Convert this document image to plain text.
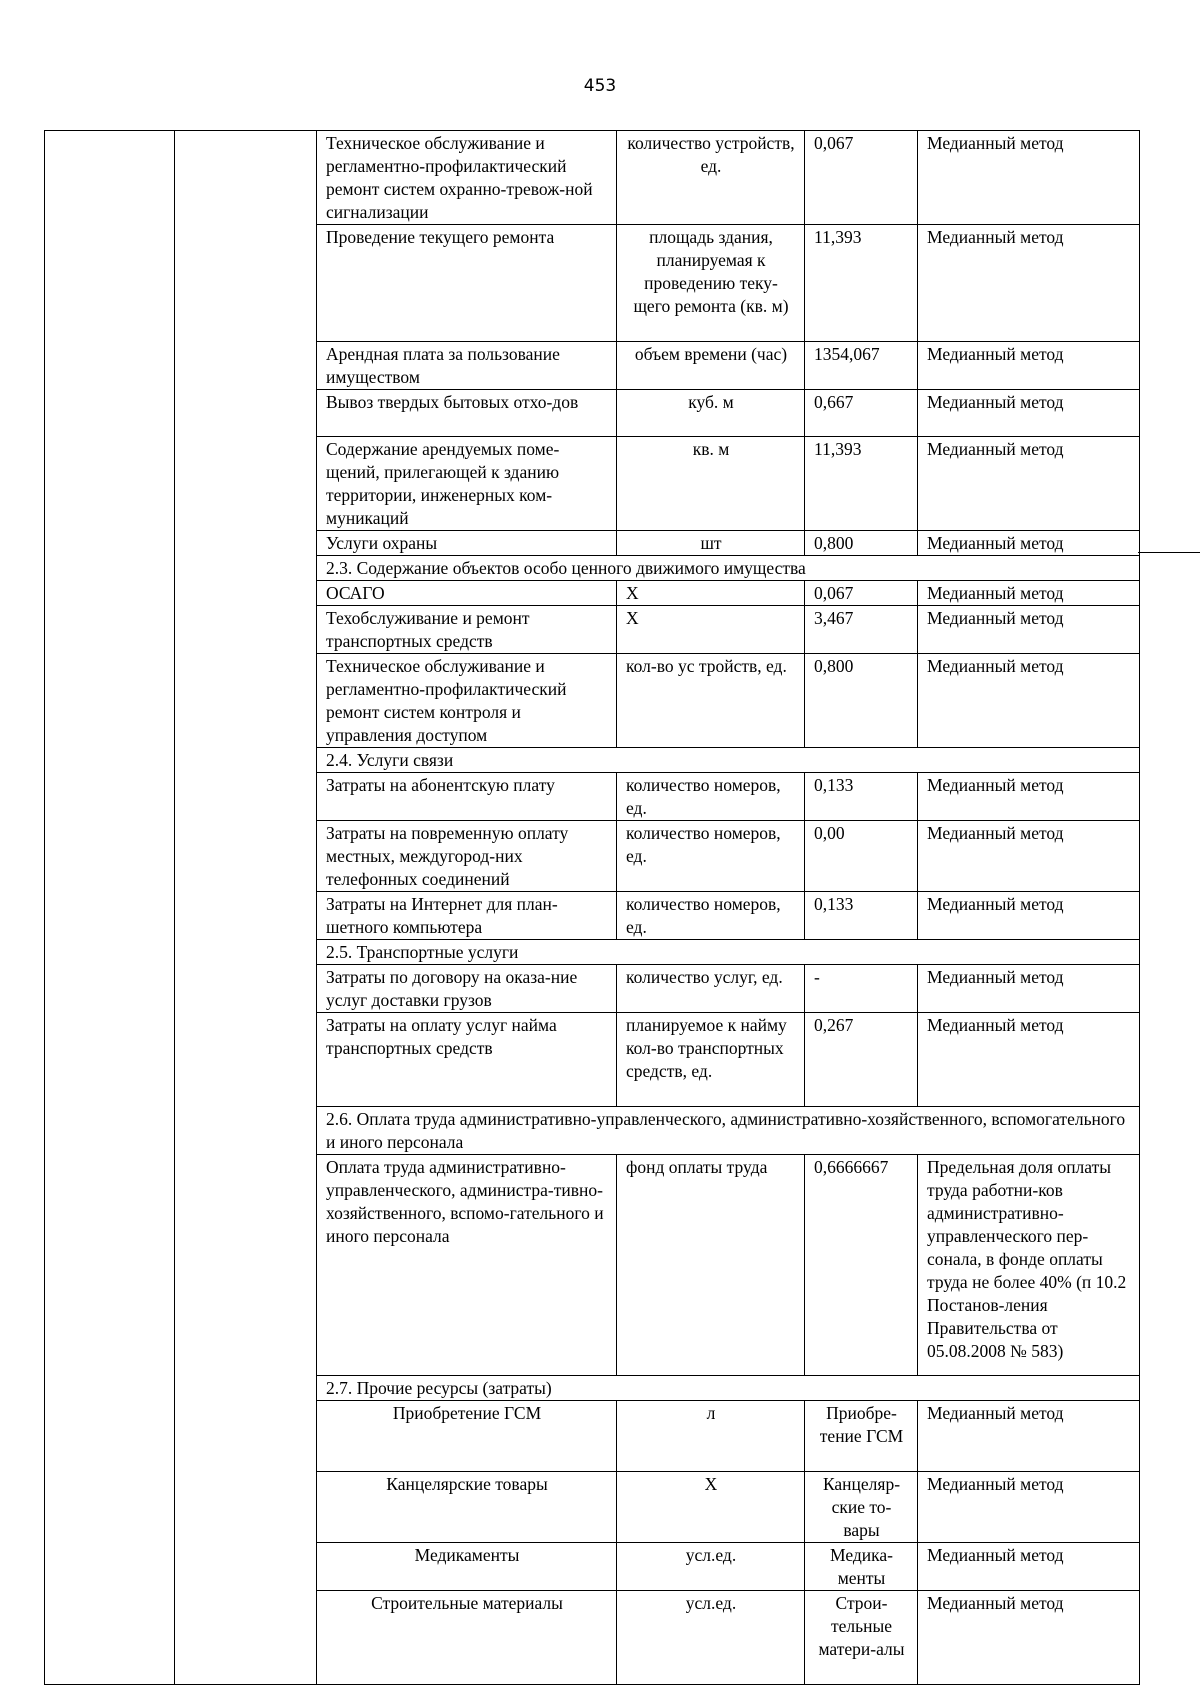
453
		Техническое обслуживание и регламентно-профилактический ремонт систем охранно-тревож-ной сигнализации	количество устройств, ед.	0,067	Медианный метод
		Проведение текущего ремонта	площадь здания, планируемая к проведению теку-щего ремонта (кв. м)	11,393	Медианный метод
		Арендная плата за пользование имуществом	объем времени (час)	1354,067	Медианный метод
		Вывоз твердых бытовых отхо-дов	куб. м	0,667	Медианный метод
		Содержание арендуемых поме-щений, прилегающей к зданию территории, инженерных ком-муникаций	кв. м	11,393	Медианный метод
		Услуги охраны	шт	0,800	Медианный метод
		2.3. Содержание объектов особо ценного движимого имущества			
		ОСАГО	Х	0,067	Медианный метод
		Техобслуживание и ремонт транспортных средств	Х	3,467	Медианный метод
		Техническое обслуживание и регламентно-профилактический ремонт систем контроля и управления доступом	кол-во ус тройств, ед.	0,800	Медианный метод
		2.4. Услуги связи			
		Затраты на абонентскую плату	количество номеров, ед.	0,133	Медианный метод
		Затраты на повременную оплату местных, междугород-них телефонных соединений	количество номеров, ед.	0,00	Медианный метод
		Затраты на Интернет для план-шетного компьютера	количество номеров, ед.	0,133	Медианный метод
		2.5. Транспортные услуги			
		Затраты по договору на оказа-ние услуг доставки грузов	количество услуг, ед.	-	Медианный метод
		Затраты на оплату услуг найма транспортных средств	планируемое к найму кол-во транспортных средств, ед.	0,267	Медианный метод
		2.6. Оплата труда административно-управленческого, административно-хозяйственного, вспомогательного и иного персонала			
		Оплата труда административно-управленческого, администра-тивно-хозяйственного, вспомо-гательного и иного персонала	фонд оплаты труда	0,6666667	Предельная доля оплаты труда работни-ков административно-управленческого пер-сонала, в фонде оплаты труда не более 40% (п 10.2 Постанов-ления Правительства от 05.08.2008 № 583)
		2.7. Прочие ресурсы (затраты)			
		Приобретение ГСМ	л	Приобре-тение ГСМ	Медианный метод
		Канцелярские товары	Х	Канцеляр-ские то-вары	Медианный метод
		Медикаменты	усл.ед.	Медика-менты	Медианный метод
		Строительные материалы	усл.ед.	Строи-тельные матери-алы	Медианный метод
